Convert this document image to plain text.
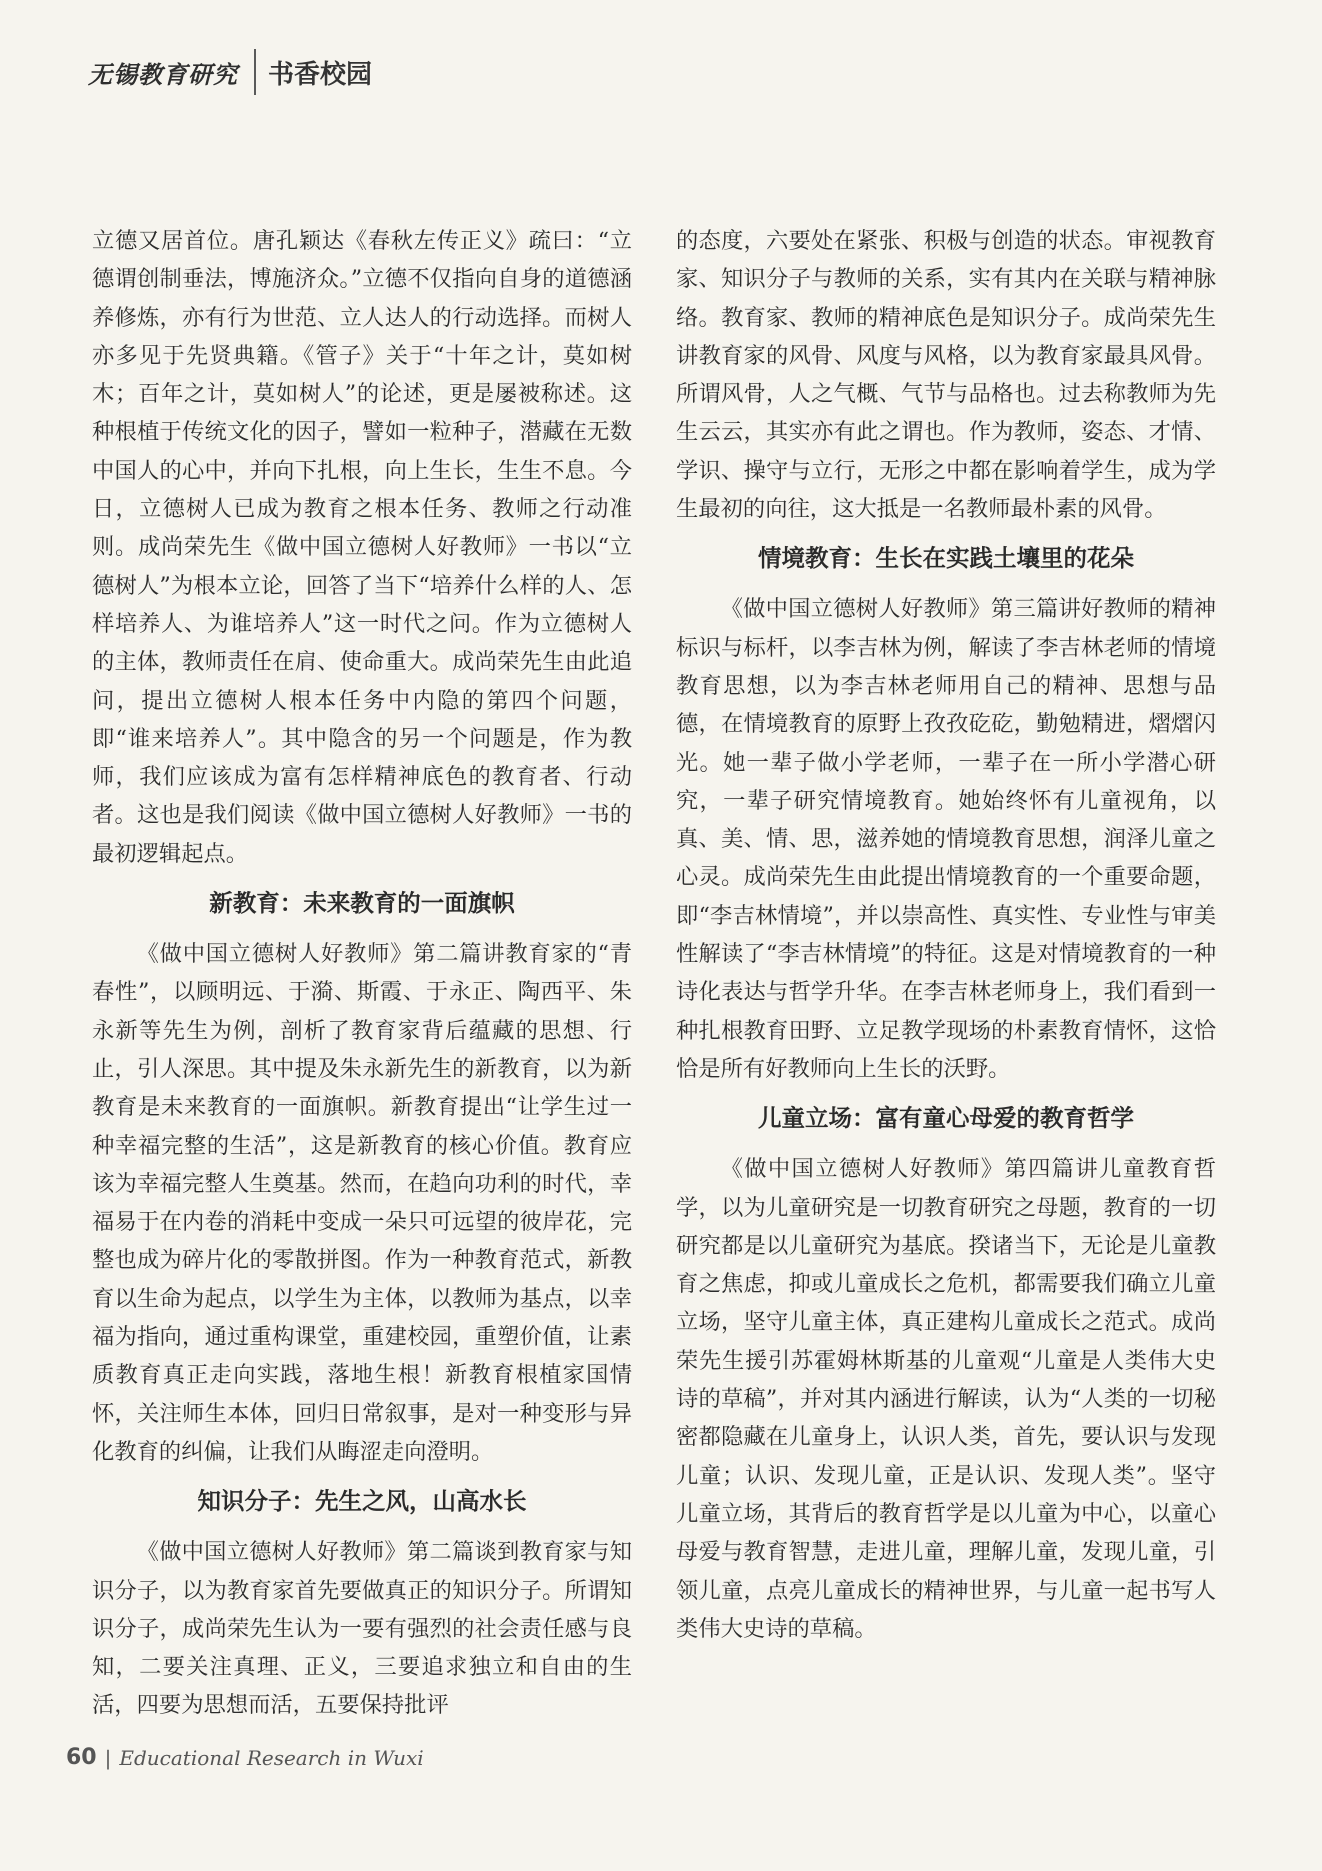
无锡教育研究 书香校园

立德又居首位。唐孔颖达《春秋左传正义》疏曰：“立德谓创制垂法，博施济众。”立德不仅指向自身的道德涵养修炼，亦有行为世范、立人达人的行动选择。而树人亦多见于先贤典籍。《管子》关于“十年之计，莫如树木；百年之计，莫如树人”的论述，更是屡被称述。这种根植于传统文化的因子，譬如一粒种子，潜藏在无数中国人的心中，并向下扎根，向上生长，生生不息。今日，立德树人已成为教育之根本任务、教师之行动准则。成尚荣先生《做中国立德树人好教师》一书以“立德树人”为根本立论，回答了当下“培养什么样的人、怎样培养人、为谁培养人”这一时代之问。作为立德树人的主体，教师责任在肩、使命重大。成尚荣先生由此追问，提出立德树人根本任务中内隐的第四个问题，即“谁来培养人”。其中隐含的另一个问题是，作为教师，我们应该成为富有怎样精神底色的教育者、行动者。这也是我们阅读《做中国立德树人好教师》一书的最初逻辑起点。

新教育：未来教育的一面旗帜

《做中国立德树人好教师》第二篇讲教育家的“青春性”，以顾明远、于漪、斯霞、于永正、陶西平、朱永新等先生为例，剖析了教育家背后蕴藏的思想、行止，引人深思。其中提及朱永新先生的新教育，以为新教育是未来教育的一面旗帜。新教育提出“让学生过一种幸福完整的生活”，这是新教育的核心价值。教育应该为幸福完整人生奠基。然而，在趋向功利的时代，幸福易于在内卷的消耗中变成一朵只可远望的彼岸花，完整也成为碎片化的零散拼图。作为一种教育范式，新教育以生命为起点，以学生为主体，以教师为基点，以幸福为指向，通过重构课堂，重建校园，重塑价值，让素质教育真正走向实践，落地生根！新教育根植家国情怀，关注师生本体，回归日常叙事，是对一种变形与异化教育的纠偏，让我们从晦涩走向澄明。

知识分子：先生之风，山高水长

《做中国立德树人好教师》第二篇谈到教育家与知识分子，以为教育家首先要做真正的知识分子。所谓知识分子，成尚荣先生认为一要有强烈的社会责任感与良知，二要关注真理、正义，三要追求独立和自由的生活，四要为思想而活，五要保持批评

的态度，六要处在紧张、积极与创造的状态。审视教育家、知识分子与教师的关系，实有其内在关联与精神脉络。教育家、教师的精神底色是知识分子。成尚荣先生讲教育家的风骨、风度与风格，以为教育家最具风骨。所谓风骨，人之气概、气节与品格也。过去称教师为先生云云，其实亦有此之谓也。作为教师，姿态、才情、学识、操守与立行，无形之中都在影响着学生，成为学生最初的向往，这大抵是一名教师最朴素的风骨。

情境教育：生长在实践土壤里的花朵

《做中国立德树人好教师》第三篇讲好教师的精神标识与标杆，以李吉林为例，解读了李吉林老师的情境教育思想，以为李吉林老师用自己的精神、思想与品德，在情境教育的原野上孜孜矻矻，勤勉精进，熠熠闪光。她一辈子做小学老师，一辈子在一所小学潜心研究，一辈子研究情境教育。她始终怀有儿童视角，以真、美、情、思，滋养她的情境教育思想，润泽儿童之心灵。成尚荣先生由此提出情境教育的一个重要命题，即“李吉林情境”，并以崇高性、真实性、专业性与审美性解读了“李吉林情境”的特征。这是对情境教育的一种诗化表达与哲学升华。在李吉林老师身上，我们看到一种扎根教育田野、立足教学现场的朴素教育情怀，这恰恰是所有好教师向上生长的沃野。

儿童立场：富有童心母爱的教育哲学

《做中国立德树人好教师》第四篇讲儿童教育哲学，以为儿童研究是一切教育研究之母题，教育的一切研究都是以儿童研究为基底。揆诸当下，无论是儿童教育之焦虑，抑或儿童成长之危机，都需要我们确立儿童立场，坚守儿童主体，真正建构儿童成长之范式。成尚荣先生援引苏霍姆林斯基的儿童观“儿童是人类伟大史诗的草稿”，并对其内涵进行解读，认为“人类的一切秘密都隐藏在儿童身上，认识人类，首先，要认识与发现儿童；认识、发现儿童，正是认识、发现人类”。坚守儿童立场，其背后的教育哲学是以儿童为中心，以童心母爱与教育智慧，走进儿童，理解儿童，发现儿童，引领儿童，点亮儿童成长的精神世界，与儿童一起书写人类伟大史诗的草稿。

60 | Educational Research in Wuxi
